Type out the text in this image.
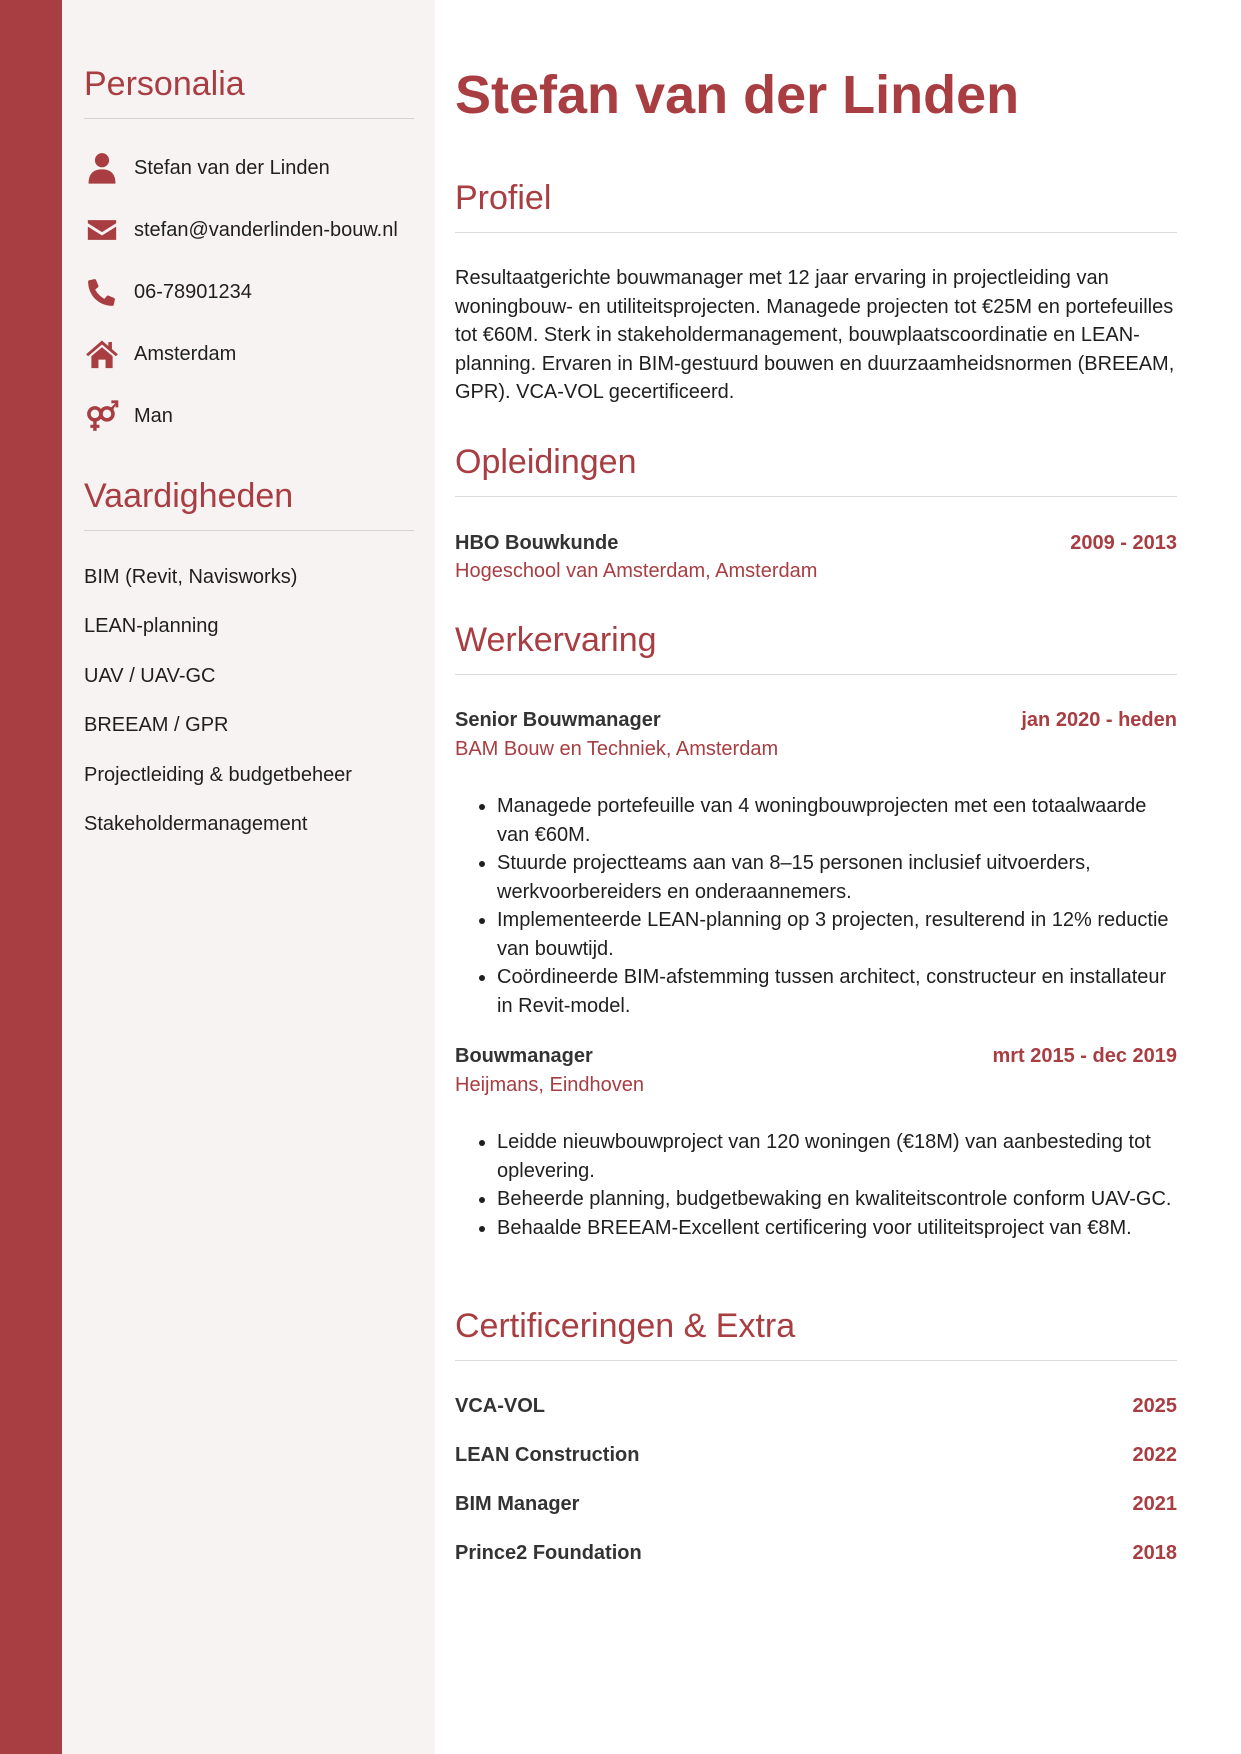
Personalia
Stefan van der Linden
stefan@vanderlinden-bouw.nl
06-78901234
Amsterdam
Man
Vaardigheden
BIM (Revit, Navisworks)
LEAN-planning
UAV / UAV-GC
BREEAM / GPR
Projectleiding & budgetbeheer
Stakeholdermanagement
Stefan van der Linden
Profiel
Resultaatgerichte bouwmanager met 12 jaar ervaring in projectleiding van woningbouw- en utiliteitsprojecten. Managede projecten tot €25M en portefeuilles tot €60M. Sterk in stakeholdermanagement, bouwplaatscoordinatie en LEAN-planning. Ervaren in BIM-gestuurd bouwen en duurzaamheidsnormen (BREEAM, GPR). VCA-VOL gecertificeerd.
Opleidingen
HBO Bouwkunde	2009 - 2013
Hogeschool van Amsterdam, Amsterdam
Werkervaring
Senior Bouwmanager	jan 2020 - heden
BAM Bouw en Techniek, Amsterdam
• Managede portefeuille van 4 woningbouwprojecten met een totaalwaarde van €60M.
• Stuurde projectteams aan van 8–15 personen inclusief uitvoerders, werkvoorbereiders en onderaannemers.
• Implementeerde LEAN-planning op 3 projecten, resulterend in 12% reductie van bouwtijd.
• Coördineerde BIM-afstemming tussen architect, constructeur en installateur in Revit-model.
Bouwmanager	mrt 2015 - dec 2019
Heijmans, Eindhoven
• Leidde nieuwbouwproject van 120 woningen (€18M) van aanbesteding tot oplevering.
• Beheerde planning, budgetbewaking en kwaliteitscontrole conform UAV-GC.
• Behaalde BREEAM-Excellent certificering voor utiliteitsproject van €8M.
Certificeringen & Extra
VCA-VOL	2025
LEAN Construction	2022
BIM Manager	2021
Prince2 Foundation	2018
